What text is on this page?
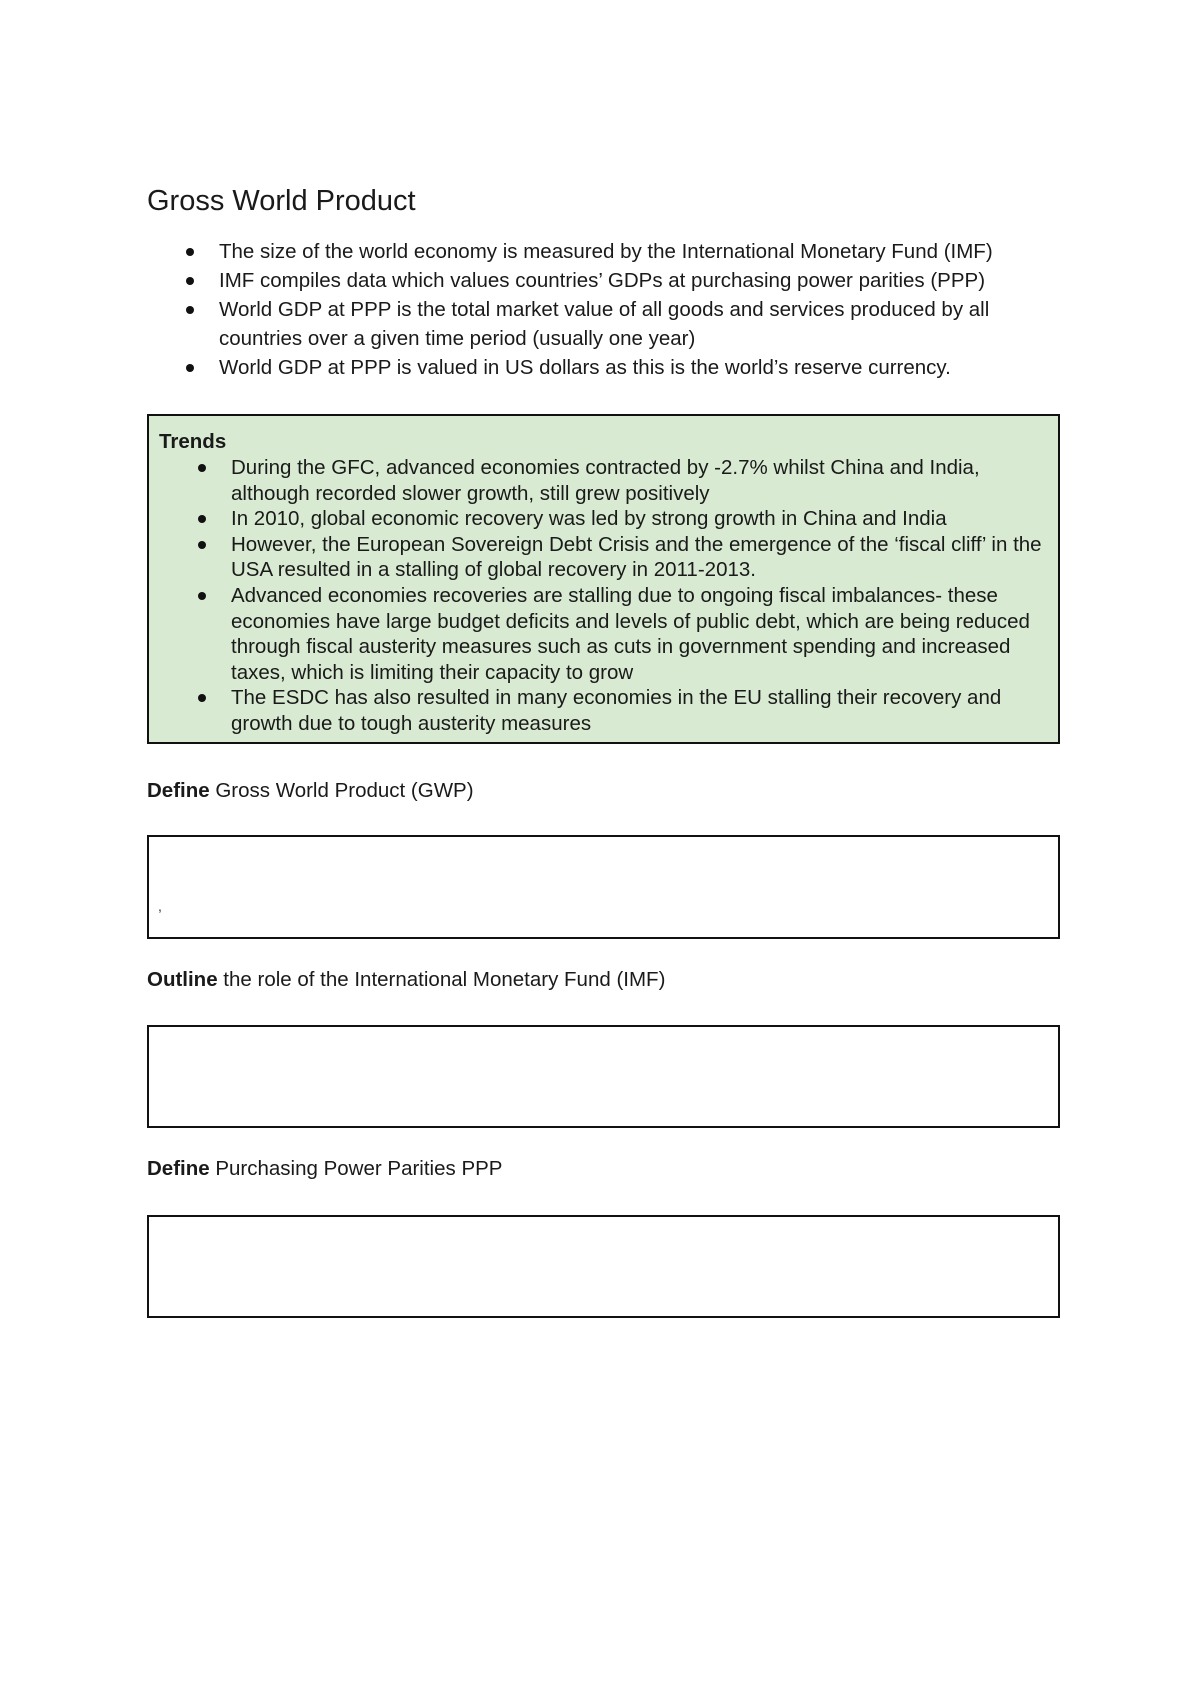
Gross World Product
The size of the world economy is measured by the International Monetary Fund (IMF)
IMF compiles data which values countries’ GDPs at purchasing power parities (PPP)
World GDP at PPP is the total market value of all goods and services produced by all countries over a given time period (usually one year)
World GDP at PPP is valued in US dollars as this is the world’s reserve currency.

Trends

During the GFC, advanced economies contracted by -2.7% whilst China and India, although recorded slower growth, still grew positively
In 2010, global economic recovery was led by strong growth in China and India
However, the European Sovereign Debt Crisis and the emergence of the ‘fiscal cliff’ in the USA resulted in a stalling of global recovery in 2011-2013.
Advanced economies recoveries are stalling due to ongoing fiscal imbalances- these economies have large budget deficits and levels of public debt, which are being reduced through fiscal austerity measures such as cuts in government spending and increased taxes, which is limiting their capacity to grow
The ESDC has also resulted in many economies in the EU stalling their recovery and growth due to tough austerity measures

Define Gross World Product (GWP)

,

Outline the role of the International Monetary Fund (IMF)

Define Purchasing Power Parities PPP
